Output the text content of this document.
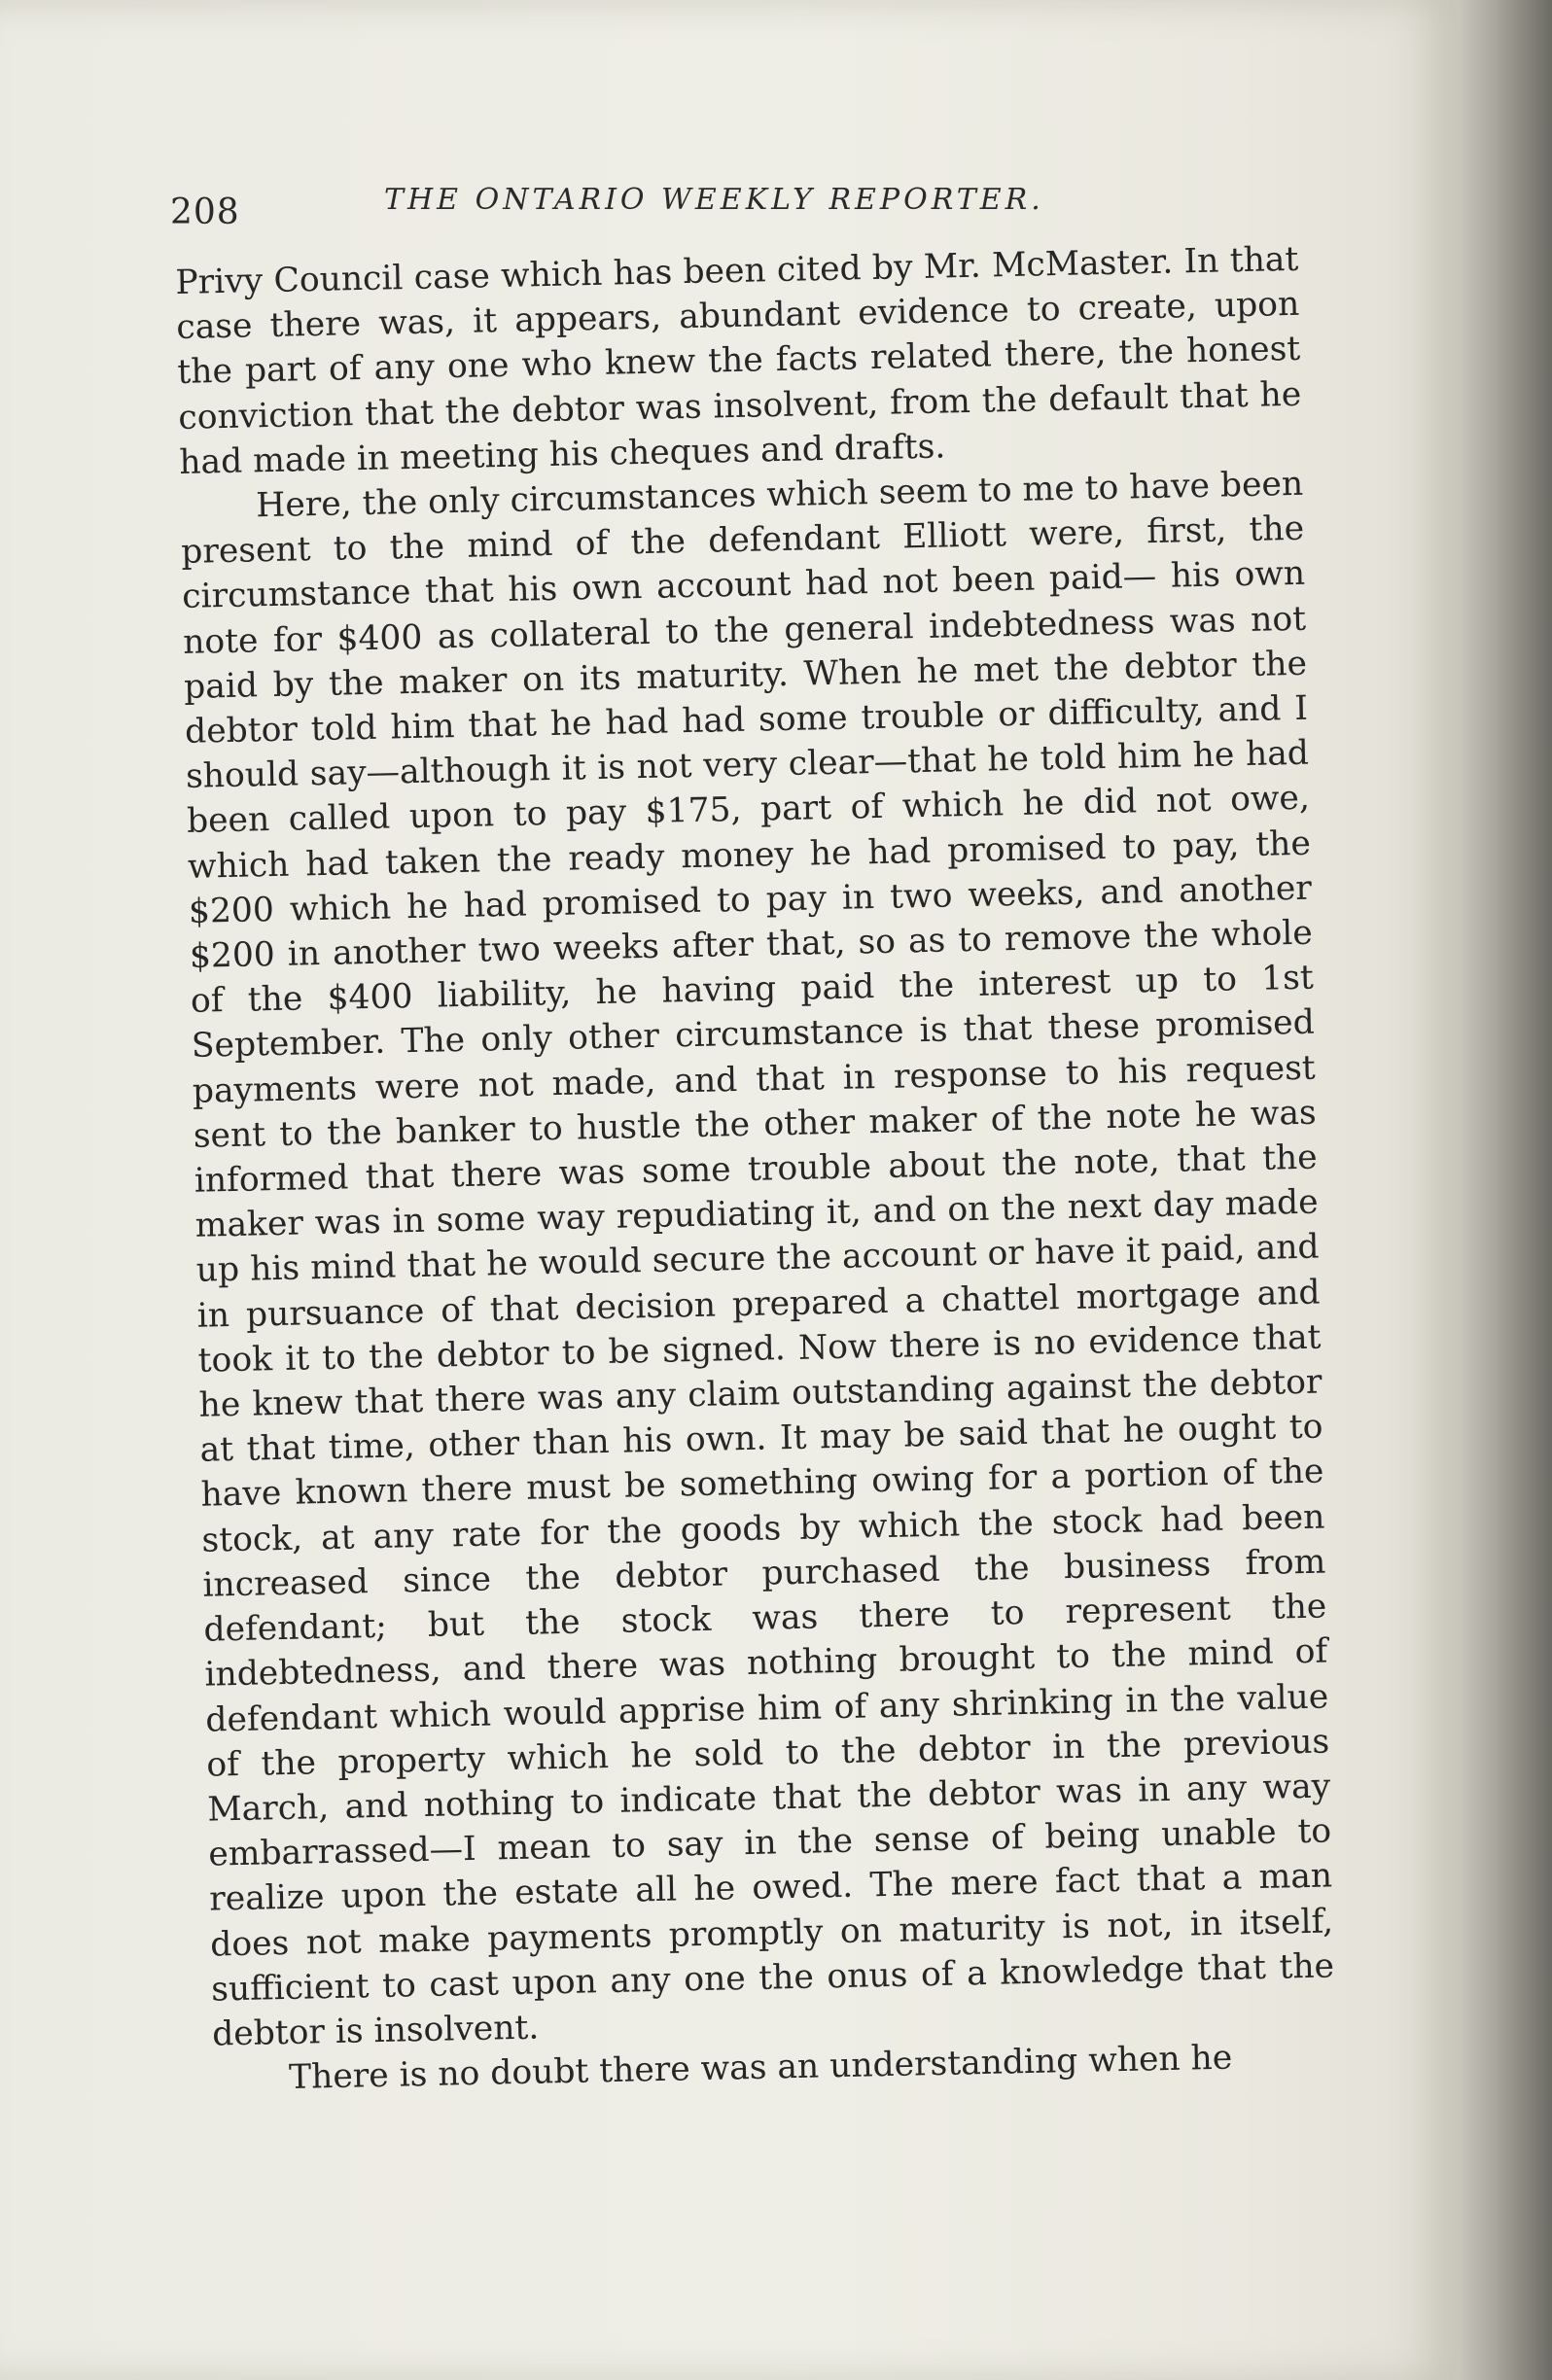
208	THE ONTARIO WEEKLY REPORTER.

Privy Council case which has been cited by Mr. McMaster. In that case there was, it appears, abundant evidence to create, upon the part of any one who knew the facts related there, the honest conviction that the debtor was insolvent, from the default that he had made in meeting his cheques and drafts.

Here, the only circumstances which seem to me to have been present to the mind of the defendant Elliott were, first, the circumstance that his own account had not been paid— his own note for $400 as collateral to the general indebtedness was not paid by the maker on its maturity. When he met the debtor the debtor told him that he had had some trouble or difficulty, and I should say—although it is not very clear—that he told him he had been called upon to pay $175, part of which he did not owe, which had taken the ready money he had promised to pay, the $200 which he had promised to pay in two weeks, and another $200 in another two weeks after that, so as to remove the whole of the $400 liability, he having paid the interest up to 1st September. The only other circumstance is that these promised payments were not made, and that in response to his request sent to the banker to hustle the other maker of the note he was informed that there was some trouble about the note, that the maker was in some way repudiating it, and on the next day made up his mind that he would secure the account or have it paid, and in pursuance of that decision prepared a chattel mortgage and took it to the debtor to be signed. Now there is no evidence that he knew that there was any claim outstanding against the debtor at that time, other than his own. It may be said that he ought to have known there must be something owing for a portion of the stock, at any rate for the goods by which the stock had been increased since the debtor purchased the business from defendant; but the stock was there to represent the indebtedness, and there was nothing brought to the mind of defendant which would apprise him of any shrinking in the value of the property which he sold to the debtor in the previous March, and nothing to indicate that the debtor was in any way embarrassed—I mean to say in the sense of being unable to realize upon the estate all he owed. The mere fact that a man does not make payments promptly on maturity is not, in itself, sufficient to cast upon any one the onus of a knowledge that the debtor is insolvent.

There is no doubt there was an understanding when he
